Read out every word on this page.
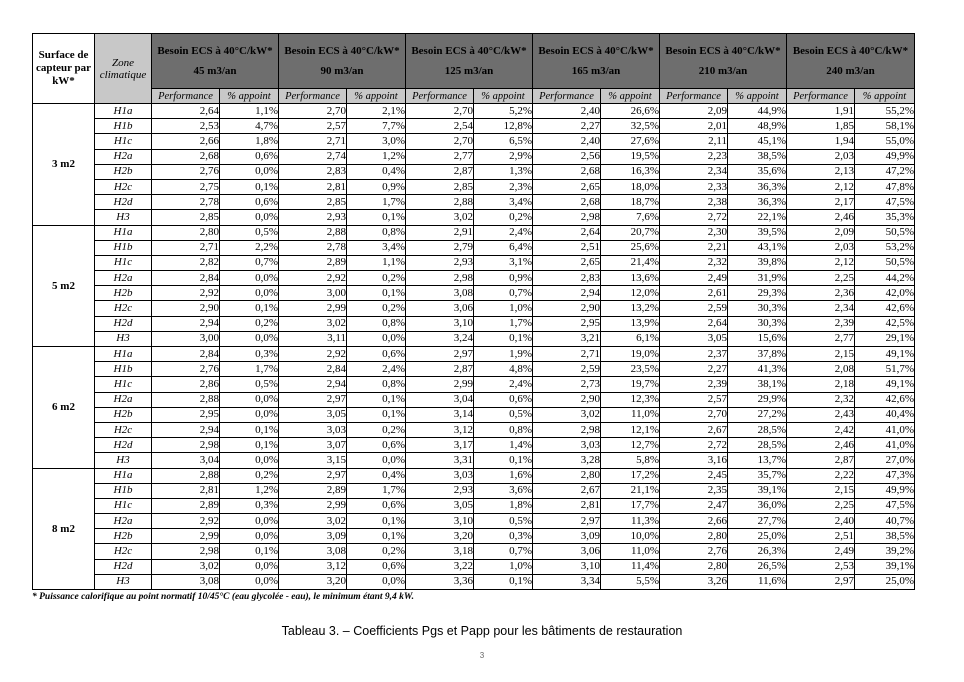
Surface de capteur par kW*	Zone climatique	Besoin ECS à 40°C/kW*
45 m3/an		Besoin ECS à 40°C/kW*
90 m3/an		Besoin ECS à 40°C/kW*
125 m3/an		Besoin ECS à 40°C/kW*
165 m3/an		Besoin ECS à 40°C/kW*
210 m3/an		Besoin ECS à 40°C/kW*
240 m3/an	

		Performance	% appoint	Performance	% appoint	Performance	% appoint	Performance	% appoint	Performance	% appoint	Performance	% appoint
3 m2	H1a	2,64	1,1%	2,70	2,1%	2,70	5,2%	2,40	26,6%	2,09	44,9%	1,91	55,2%
	H1b	2,53	4,7%	2,57	7,7%	2,54	12,8%	2,27	32,5%	2,01	48,9%	1,85	58,1%
	H1c	2,66	1,8%	2,71	3,0%	2,70	6,5%	2,40	27,6%	2,11	45,1%	1,94	55,0%
	H2a	2,68	0,6%	2,74	1,2%	2,77	2,9%	2,56	19,5%	2,23	38,5%	2,03	49,9%
	H2b	2,76	0,0%	2,83	0,4%	2,87	1,3%	2,68	16,3%	2,34	35,6%	2,13	47,2%
	H2c	2,75	0,1%	2,81	0,9%	2,85	2,3%	2,65	18,0%	2,33	36,3%	2,12	47,8%
	H2d	2,78	0,6%	2,85	1,7%	2,88	3,4%	2,68	18,7%	2,38	36,3%	2,17	47,5%
	H3	2,85	0,0%	2,93	0,1%	3,02	0,2%	2,98	7,6%	2,72	22,1%	2,46	35,3%
5 m2	H1a	2,80	0,5%	2,88	0,8%	2,91	2,4%	2,64	20,7%	2,30	39,5%	2,09	50,5%
	H1b	2,71	2,2%	2,78	3,4%	2,79	6,4%	2,51	25,6%	2,21	43,1%	2,03	53,2%
	H1c	2,82	0,7%	2,89	1,1%	2,93	3,1%	2,65	21,4%	2,32	39,8%	2,12	50,5%
	H2a	2,84	0,0%	2,92	0,2%	2,98	0,9%	2,83	13,6%	2,49	31,9%	2,25	44,2%
	H2b	2,92	0,0%	3,00	0,1%	3,08	0,7%	2,94	12,0%	2,61	29,3%	2,36	42,0%
	H2c	2,90	0,1%	2,99	0,2%	3,06	1,0%	2,90	13,2%	2,59	30,3%	2,34	42,6%
	H2d	2,94	0,2%	3,02	0,8%	3,10	1,7%	2,95	13,9%	2,64	30,3%	2,39	42,5%
	H3	3,00	0,0%	3,11	0,0%	3,24	0,1%	3,21	6,1%	3,05	15,6%	2,77	29,1%
6 m2	H1a	2,84	0,3%	2,92	0,6%	2,97	1,9%	2,71	19,0%	2,37	37,8%	2,15	49,1%
	H1b	2,76	1,7%	2,84	2,4%	2,87	4,8%	2,59	23,5%	2,27	41,3%	2,08	51,7%
	H1c	2,86	0,5%	2,94	0,8%	2,99	2,4%	2,73	19,7%	2,39	38,1%	2,18	49,1%
	H2a	2,88	0,0%	2,97	0,1%	3,04	0,6%	2,90	12,3%	2,57	29,9%	2,32	42,6%
	H2b	2,95	0,0%	3,05	0,1%	3,14	0,5%	3,02	11,0%	2,70	27,2%	2,43	40,4%
	H2c	2,94	0,1%	3,03	0,2%	3,12	0,8%	2,98	12,1%	2,67	28,5%	2,42	41,0%
	H2d	2,98	0,1%	3,07	0,6%	3,17	1,4%	3,03	12,7%	2,72	28,5%	2,46	41,0%
	H3	3,04	0,0%	3,15	0,0%	3,31	0,1%	3,28	5,8%	3,16	13,7%	2,87	27,0%
8 m2	H1a	2,88	0,2%	2,97	0,4%	3,03	1,6%	2,80	17,2%	2,45	35,7%	2,22	47,3%
	H1b	2,81	1,2%	2,89	1,7%	2,93	3,6%	2,67	21,1%	2,35	39,1%	2,15	49,9%
	H1c	2,89	0,3%	2,99	0,6%	3,05	1,8%	2,81	17,7%	2,47	36,0%	2,25	47,5%
	H2a	2,92	0,0%	3,02	0,1%	3,10	0,5%	2,97	11,3%	2,66	27,7%	2,40	40,7%
	H2b	2,99	0,0%	3,09	0,1%	3,20	0,3%	3,09	10,0%	2,80	25,0%	2,51	38,5%
	H2c	2,98	0,1%	3,08	0,2%	3,18	0,7%	3,06	11,0%	2,76	26,3%	2,49	39,2%
	H2d	3,02	0,0%	3,12	0,6%	3,22	1,0%	3,10	11,4%	2,80	26,5%	2,53	39,1%
	H3	3,08	0,0%	3,20	0,0%	3,36	0,1%	3,34	5,5%	3,26	11,6%	2,97	25,0%
* Puissance calorifique au point normatif 10/45°C (eau glycolée - eau), le minimum étant 9,4 kW.
Tableau 3. – Coefficients Pgs et Papp pour les bâtiments de restauration
3
